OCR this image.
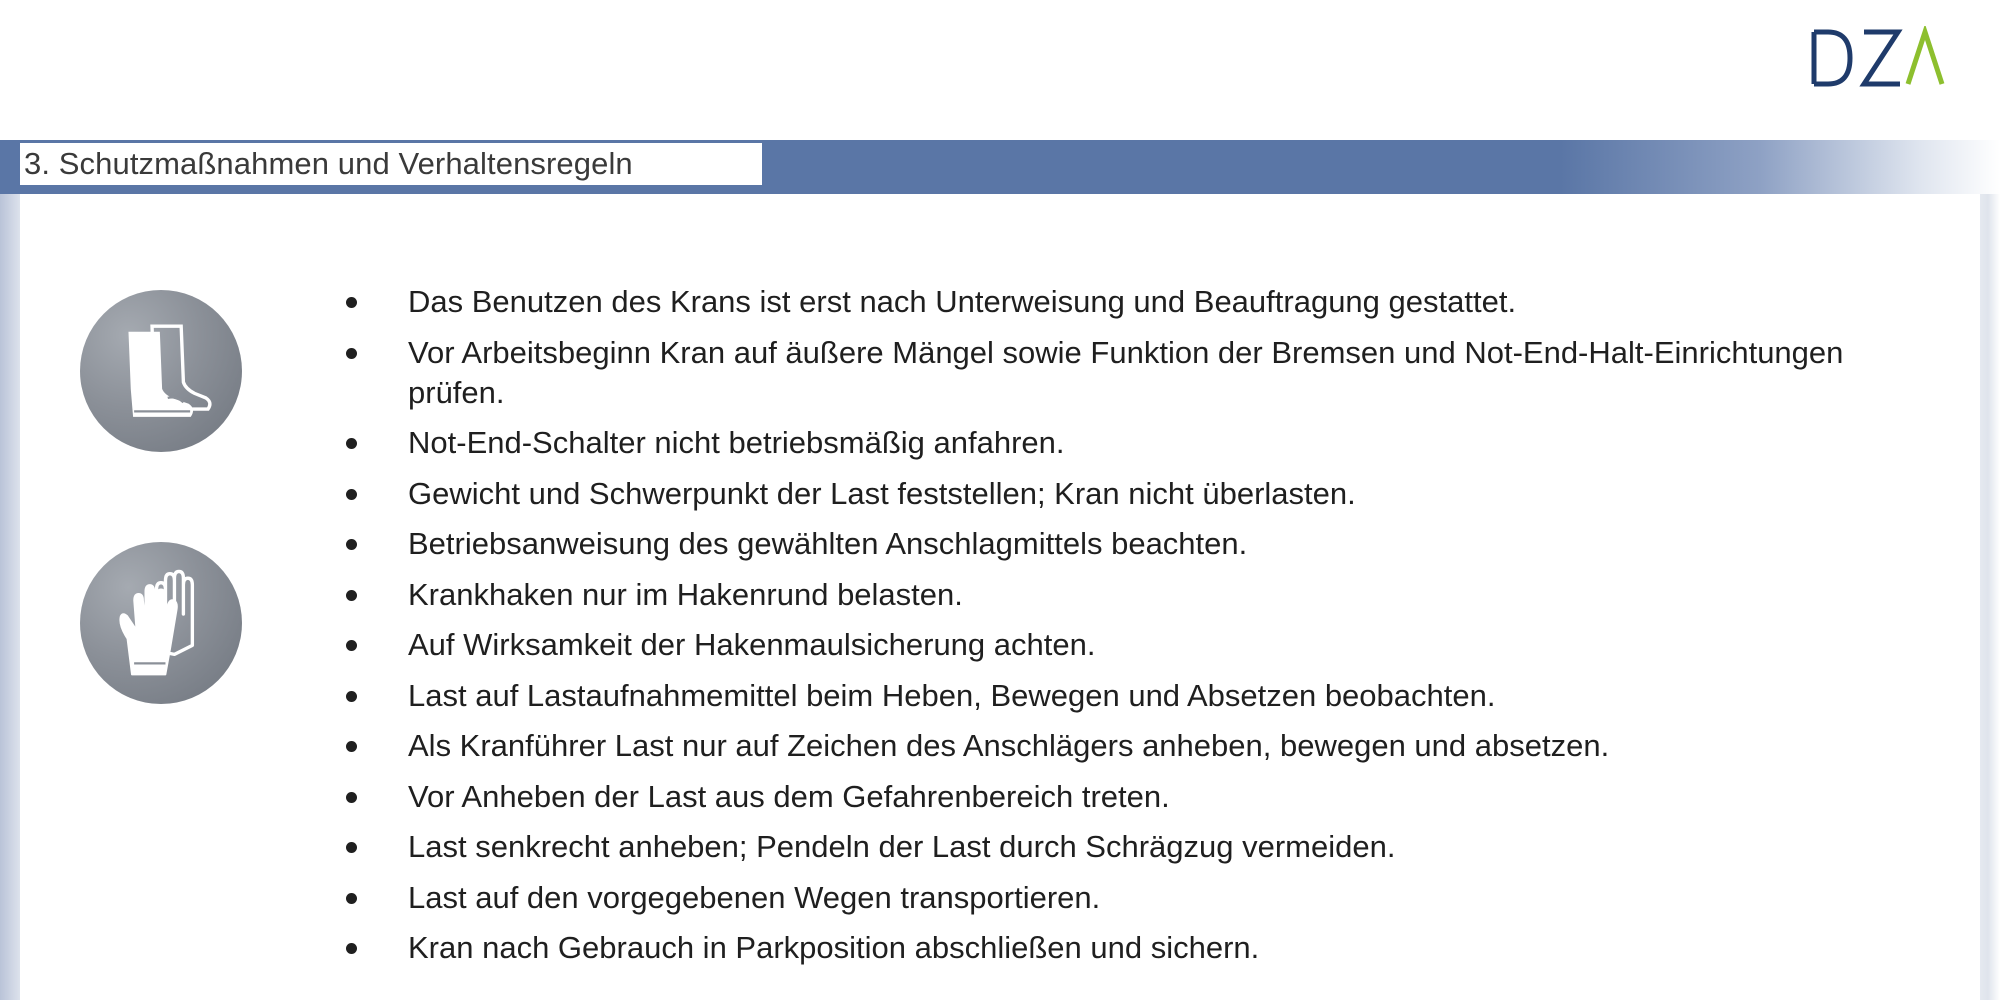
3. Schutzmaßnahmen und Verhaltensregeln
Das Benutzen des Krans ist erst nach Unterweisung und Beauftragung gestattet.
Vor Arbeitsbeginn Kran auf äußere Mängel sowie Funktion der Bremsen und Not-End-Halt-Einrichtungen prüfen.
Not-End-Schalter nicht betriebsmäßig anfahren.
Gewicht und Schwerpunkt der Last feststellen; Kran nicht überlasten.
Betriebsanweisung des gewählten Anschlagmittels beachten.
Krankhaken nur im Hakenrund belasten.
Auf Wirksamkeit der Hakenmaulsicherung achten.
Last auf Lastaufnahmemittel beim Heben, Bewegen und Absetzen beobachten.
Als Kranführer Last nur auf Zeichen des Anschlägers anheben, bewegen und absetzen.
Vor Anheben der Last aus dem Gefahrenbereich treten.
Last senkrecht anheben; Pendeln der Last durch Schrägzug vermeiden.
Last auf den vorgegebenen Wegen transportieren.
Kran nach Gebrauch in Parkposition abschließen und sichern.
